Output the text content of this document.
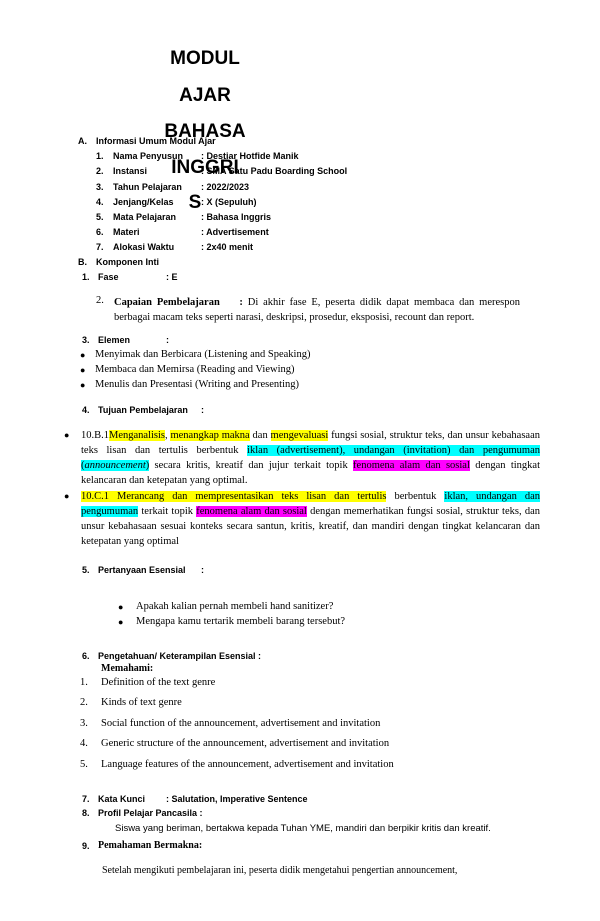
MODUL
AJAR
BAHASA
INGGRI
S
A. Informasi Umum Modul Ajar
1. Nama Penyusun : Destiar Hotfide Manik
2. Instansi	: SMA Satu Padu Boarding School
3. Tahun Pelajaran : 2022/2023
4. Jenjang/Kelas	: X (Sepuluh)
5. Mata Pelajaran	: Bahasa Inggris
6. Materi	: Advertisement
7. Alokasi Waktu	: 2x40 menit
B. Komponen Inti
1. Fase	: E
2. Capaian Pembelajaran : Di akhir fase E, peserta didik dapat membaca dan merespon berbagai macam teks seperti narasi, deskripsi, prosedur, eksposisi, recount dan report.
3. Elemen	:
● Menyimak dan Berbicara (Listening and Speaking)
● Membaca dan Memirsa (Reading and Viewing)
● Menulis dan Presentasi (Writing and Presenting)
4. Tujuan Pembelajaran :
● 10.B.1Menganalisis, menangkap makna dan mengevaluasi fungsi sosial, struktur teks, dan unsur kebahasaan teks lisan dan tertulis berbentuk iklan (advertisement), undangan (invitation) dan pengumuman (announcement) secara kritis, kreatif dan jujur terkait topik fenomena alam dan sosial dengan tingkat kelancaran dan ketepatan yang optimal.
● 10.C.1 Merancang dan mempresentasikan teks lisan dan tertulis berbentuk iklan, undangan dan pengumuman terkait topik fenomena alam dan sosial dengan memerhatikan fungsi sosial, struktur teks, dan unsur kebahasaan sesuai konteks secara santun, kritis, kreatif, dan mandiri dengan tingkat kelancaran dan ketepatan yang optimal
5. Pertanyaan Esensial :
● Apakah kalian pernah membeli hand sanitizer?
● Mengapa kamu tertarik membeli barang tersebut?
6. Pengetahuan/ Keterampilan Esensial :
Memahami:
1. Definition of the text genre
2. Kinds of text genre
3. Social function of the announcement, advertisement and invitation
4. Generic structure of the announcement, advertisement and invitation
5. Language features of the announcement, advertisement and invitation
7. Kata Kunci : Salutation, Imperative Sentence
8. Profil Pelajar Pancasila :
Siswa yang beriman, bertakwa kepada Tuhan YME, mandiri dan berpikir kritis dan kreatif.
9. Pemahaman Bermakna:
Setelah mengikuti pembelajaran ini, peserta didik mengetahui pengertian announcement,
